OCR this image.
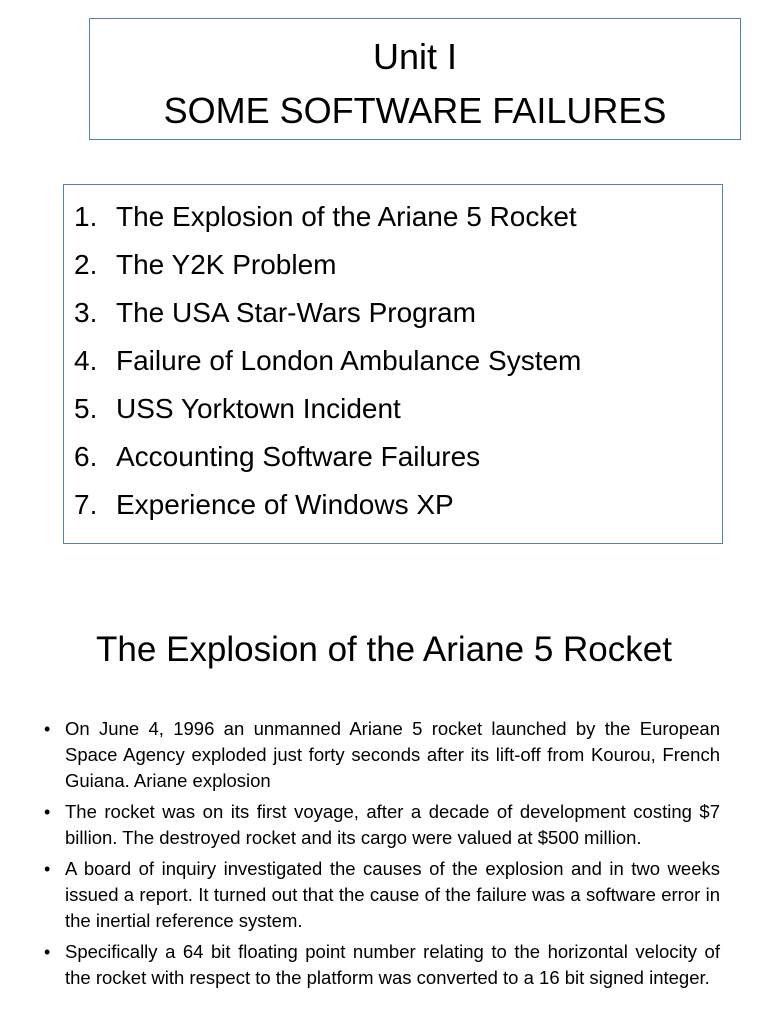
Unit I
SOME SOFTWARE FAILURES
1. The Explosion of the Ariane 5 Rocket
2. The Y2K Problem
3. The USA Star-Wars Program
4. Failure of London Ambulance System
5. USS Yorktown Incident
6. Accounting Software Failures
7. Experience of Windows XP
The Explosion of the Ariane 5 Rocket
• On June 4, 1996 an unmanned Ariane 5 rocket launched by the European Space Agency exploded just forty seconds after its lift-off from Kourou, French Guiana. Ariane explosion
• The rocket was on its first voyage, after a decade of development costing $7 billion. The destroyed rocket and its cargo were valued at $500 million.
• A board of inquiry investigated the causes of the explosion and in two weeks issued a report. It turned out that the cause of the failure was a software error in the inertial reference system.
• Specifically a 64 bit floating point number relating to the horizontal velocity of the rocket with respect to the platform was converted to a 16 bit signed integer.
